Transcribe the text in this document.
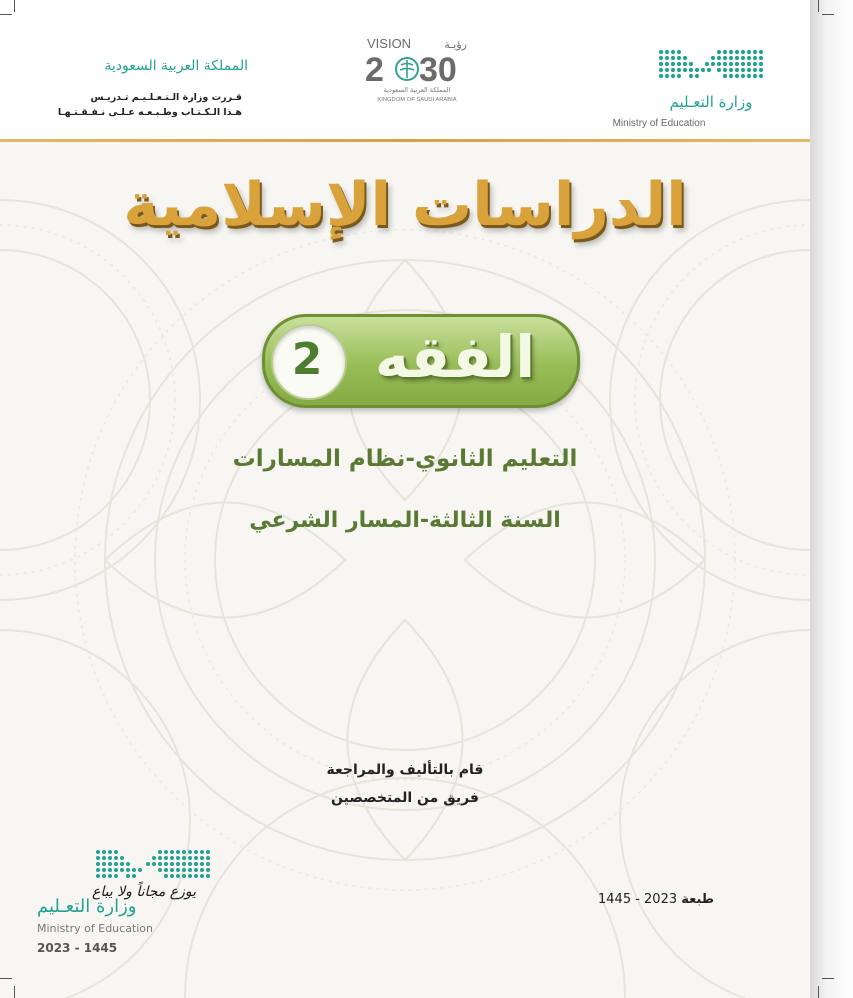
المملكة العربية السعودية
قـررت وزارة الـتـعـلـيـم تـدريـس
هـذا الـكـتـاب وطـبـعـه عـلـى نـفـقـتـهـا
VISION	رؤيـة
2 30
المملكة العربية السعودية
KINGDOM OF SAUDI ARABIA	وزارة التعـليم
Ministry of Education
الدراسات الإسلامية
الفقه
2
التعليم الثانوي-نظام المسارات
السنة الثالثة-المسار الشرعي
قام بالتأليف والمراجعة
فريق من المتخصصين
1445 - 2023 طبعة
وزارة التعـليم
يوزع مجاناً ولا يباع
Ministry of Education
2023 - 1445
